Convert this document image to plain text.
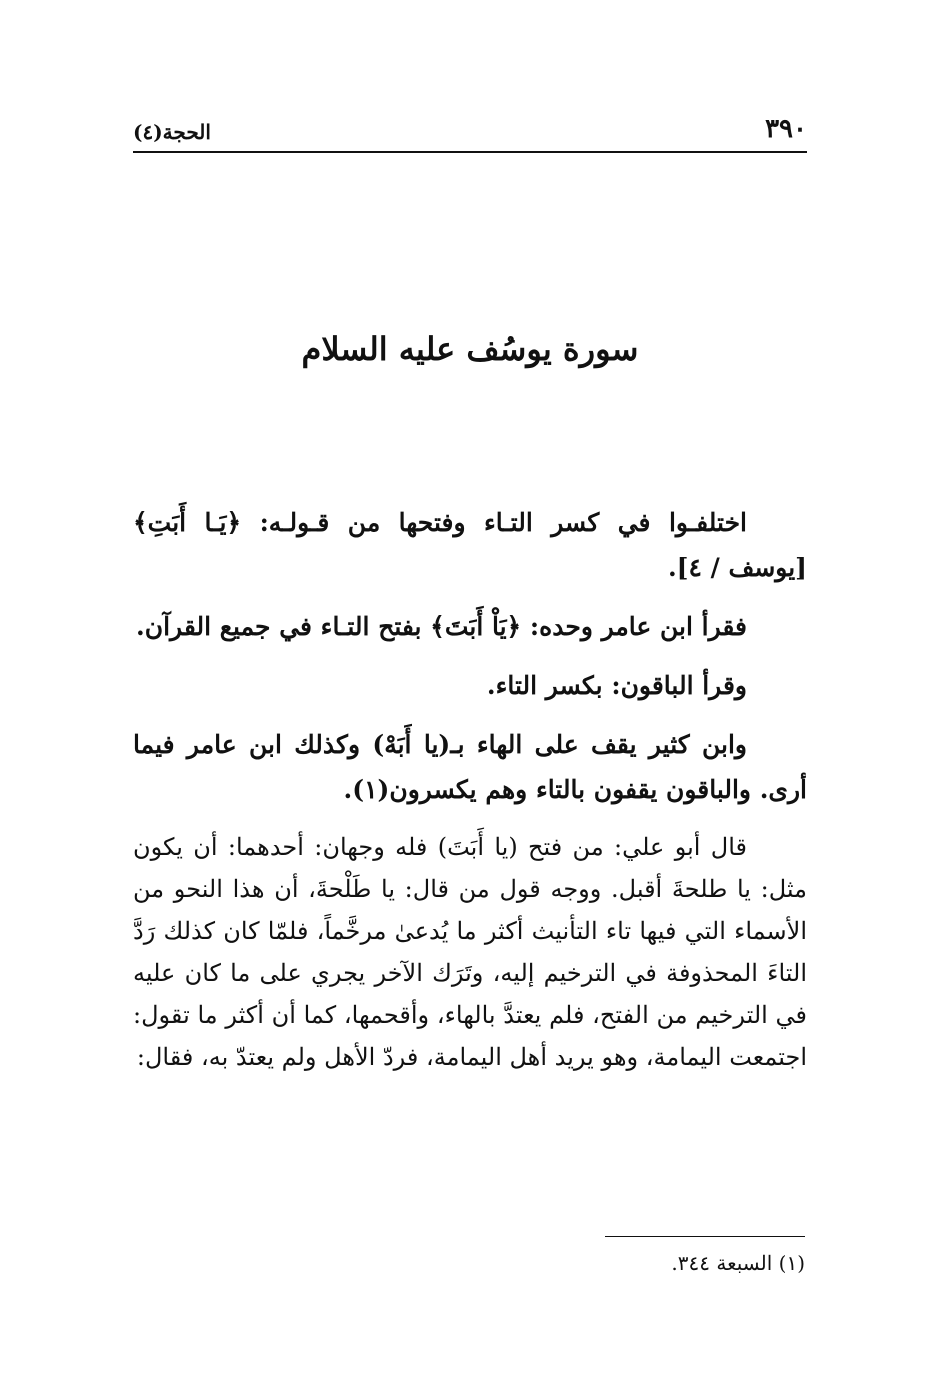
٣٩٠
الحجة(٤)
سورة يوسُف عليه السلام

اختلفـوا في كسر التـاء وفتحها من قـولـه: ﴿يَـا أَبَتِ﴾ [يوسف / ٤].

فقرأ ابن عامر وحده: ﴿يَاْ أَبَتَ﴾ بفتح التـاء في جميع القرآن.

وقرأ الباقون: بكسر التاء.

وابن كثير يقف على الهاء بـ(يا أَبَهْ) وكذلك ابن عامر فيما أرى. والباقون يقفون بالتاء وهم يكسرون(١).

قال أبو علي: من فتح (يا أَبَتَ) فله وجهان: أحدهما: أن يكون مثل: يا طلحةَ أقبل. ووجه قول من قال: يا طَلْحةَ، أن هذا النحو من الأسماء التي فيها تاء التأنيث أكثر ما يُدعىٰ مرخَّماً، فلمّا كان كذلك رَدَّ التاءَ المحذوفة في الترخيم إليه، وتَرَك الآخر يجري على ما كان عليه في الترخيم من الفتح، فلم يعتدَّ بالهاء، وأقحمها، كما أن أكثر ما تقول: اجتمعت اليمامة، وهو يريد أهل اليمامة، فردّ الأهل ولم يعتدّ به، فقال:

(١) السبعة ٣٤٤.
